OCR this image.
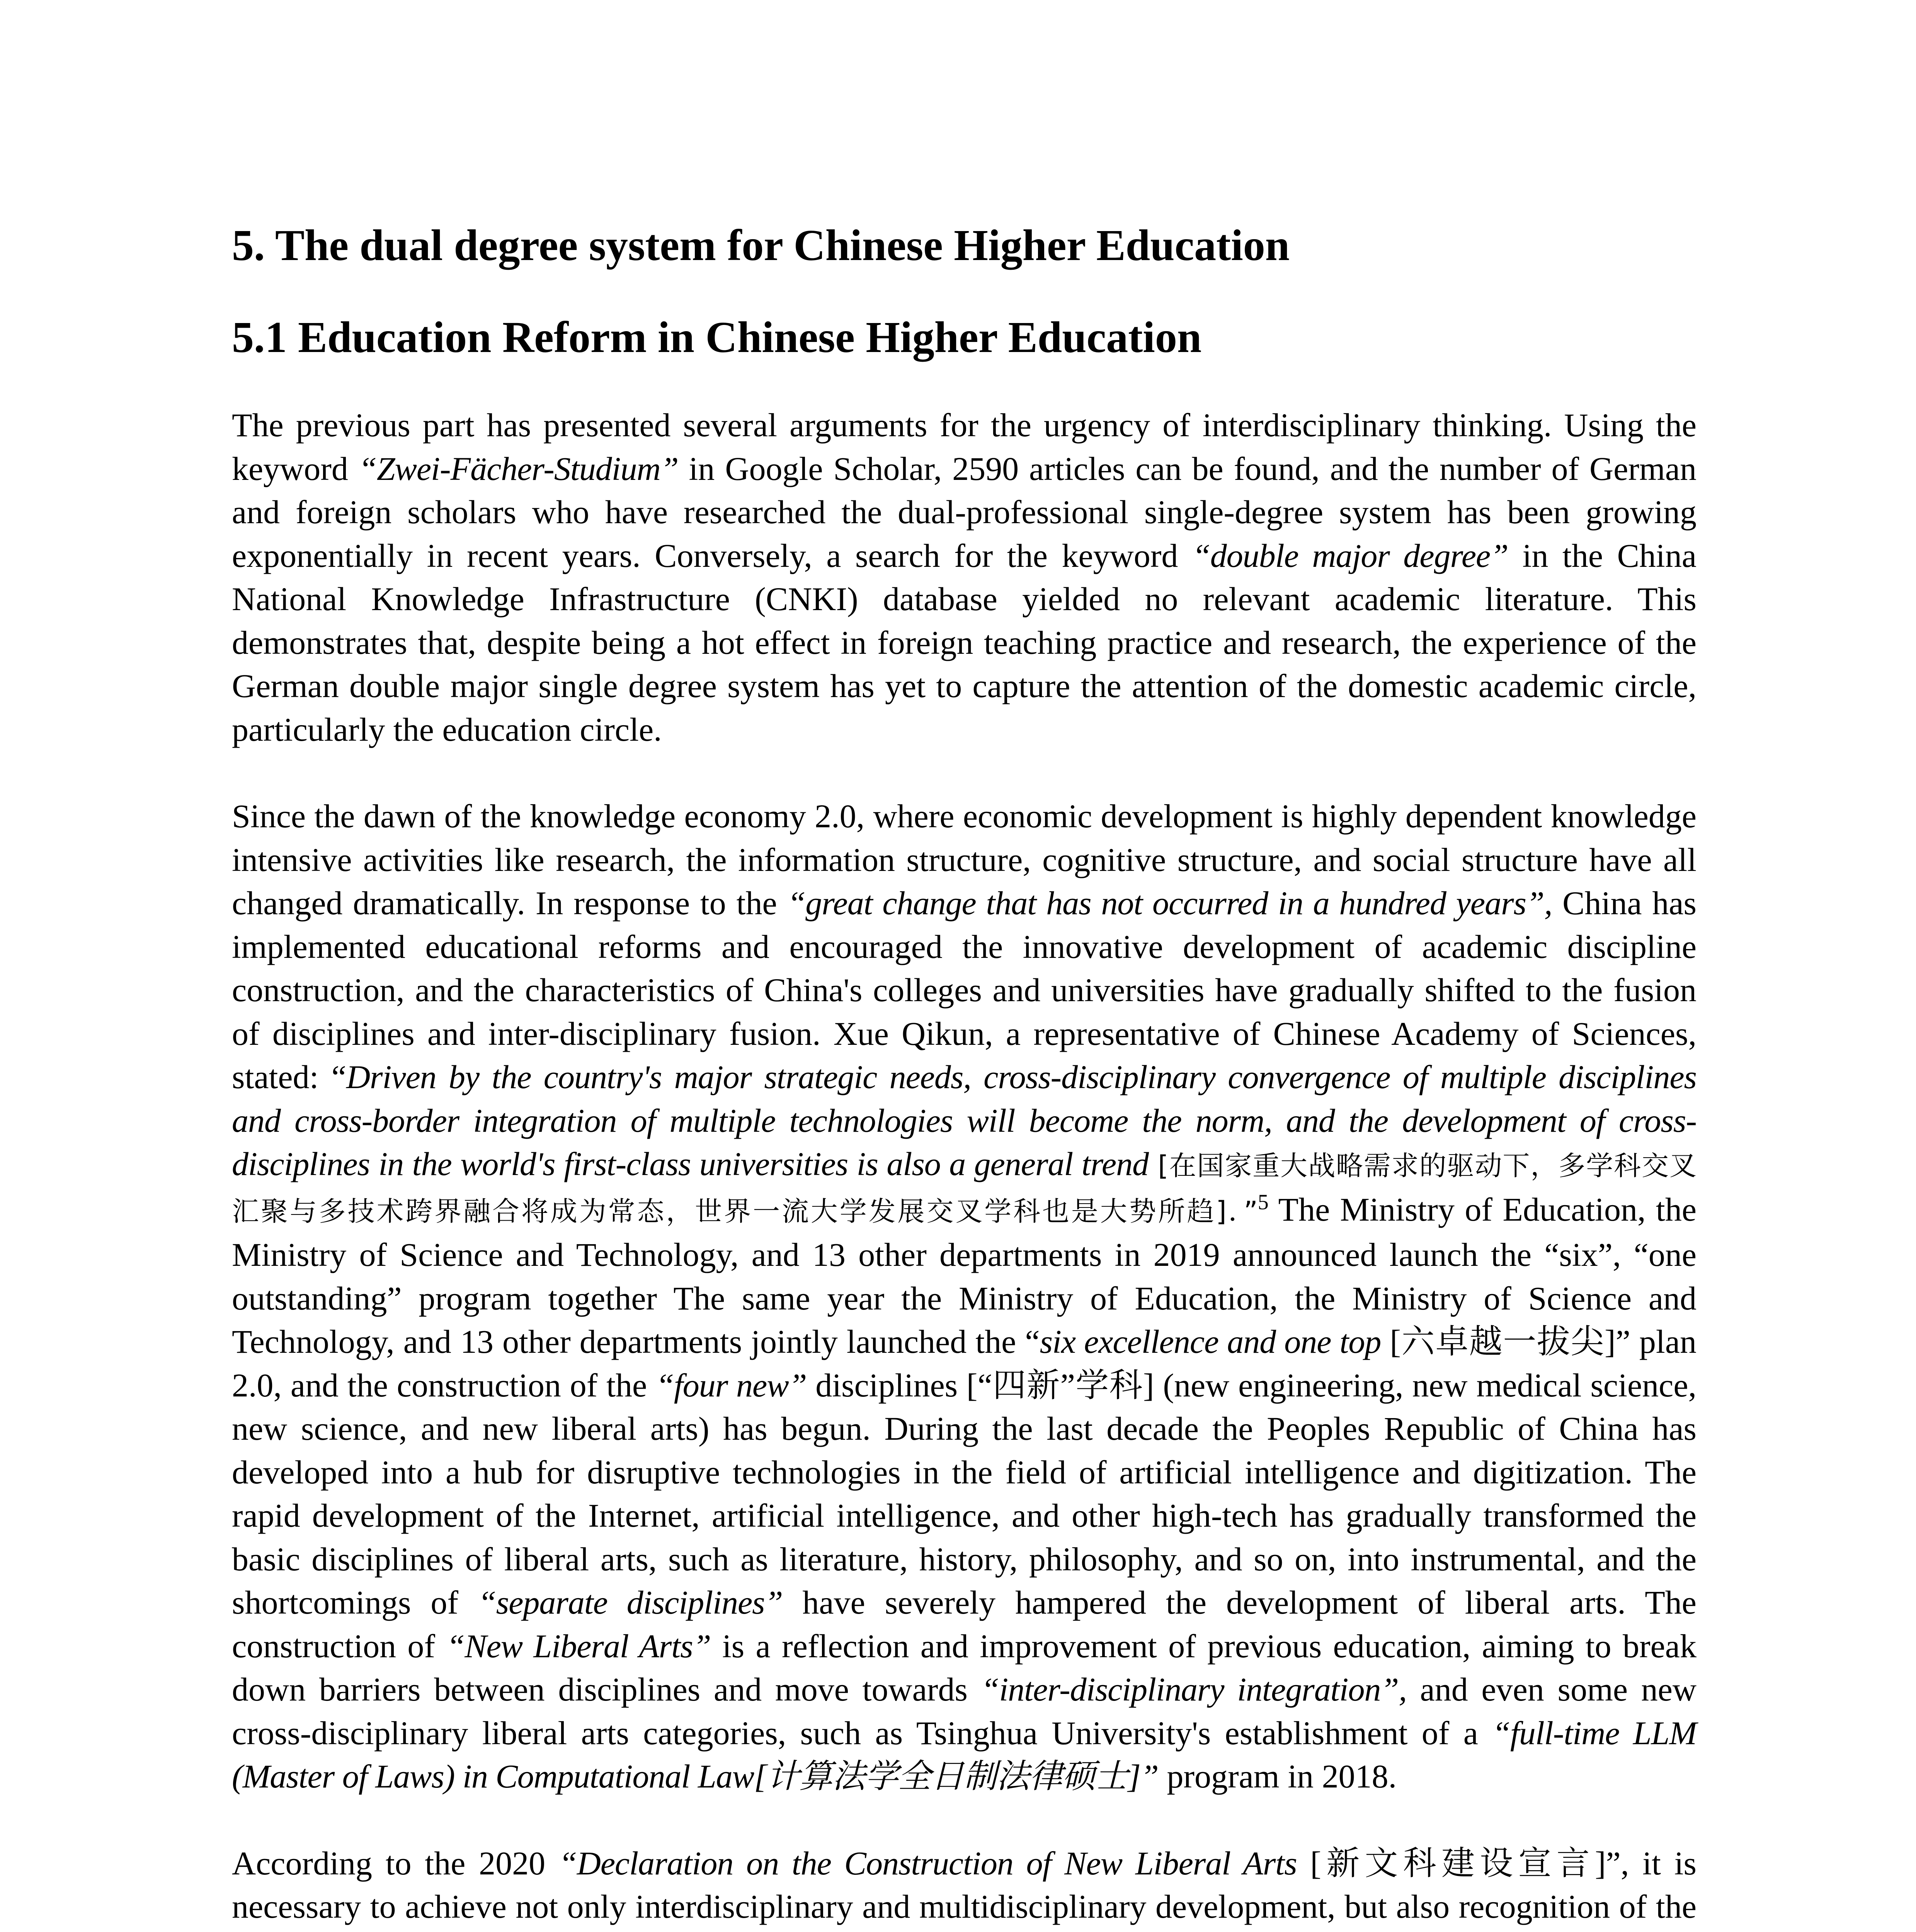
5. The dual degree system for Chinese Higher Education
5.1 Education Reform in Chinese Higher Education

The previous part has presented several arguments for the urgency of interdisciplinary thinking. Using the keyword “Zwei-Fächer-Studium” in Google Scholar, 2590 articles can be found, and the number of German and foreign scholars who have researched the dual-professional single-degree system has been growing exponentially in recent years. Conversely, a search for the keyword “double major degree” in the China National Knowledge Infrastructure (CNKI) database yielded no relevant academic literature. This demonstrates that, despite being a hot effect in foreign teaching practice and research, the experience of the German double major single degree system has yet to capture the attention of the domestic academic circle, particularly the education circle.

Since the dawn of the knowledge economy 2.0, where economic development is highly dependent knowledge intensive activities like research, the information structure, cognitive structure, and social structure have all changed dramatically. In response to the “great change that has not occurred in a hundred years”, China has implemented educational reforms and encouraged the innovative development of academic discipline construction, and the characteristics of China's colleges and universities have gradually shifted to the fusion of disciplines and inter-disciplinary fusion. Xue Qikun, a representative of Chinese Academy of Sciences, stated: “Driven by the country's major strategic needs, cross-disciplinary convergence of multiple disciplines and cross-border integration of multiple technologies will become the norm, and the development of cross-disciplines in the world's first-class universities is also a general trend [在国家重大战略需求的驱动下，多学科交叉汇聚与多技术跨界融合将成为常态，世界一流大学发展交叉学科也是大势所趋]．”$^5$ The Ministry of Education, the Ministry of Science and Technology, and 13 other departments in 2019 announced launch the “six”, “one outstanding” program together The same year the Ministry of Education, the Ministry of Science and Technology, and 13 other departments jointly launched the “six excellence and one top [六卓越一拔尖]” plan 2.0, and the construction of the “four new” disciplines [“四新”学科] (new engineering, new medical science, new science, and new liberal arts) has begun. During the last decade the Peoples Republic of China has developed into a hub for disruptive technologies in the field of artificial intelligence and digitization. The rapid development of the Internet, artificial intelligence, and other high-tech has gradually transformed the basic disciplines of liberal arts, such as literature, history, philosophy, and so on, into instrumental, and the shortcomings of “separate disciplines” have severely hampered the development of liberal arts. The construction of “New Liberal Arts” is a reflection and improvement of previous education, aiming to break down barriers between disciplines and move towards “inter-disciplinary integration”, and even some new cross-disciplinary liberal arts categories, such as Tsinghua University's establishment of a “full-time LLM (Master of Laws) in Computational Law[计算法学全日制法律硕士]” program in 2018.

According to the 2020 “Declaration on the Construction of New Liberal Arts [新文科建设宣言]”, it is necessary to achieve not only interdisciplinary and multidisciplinary development, but also recognition of the
